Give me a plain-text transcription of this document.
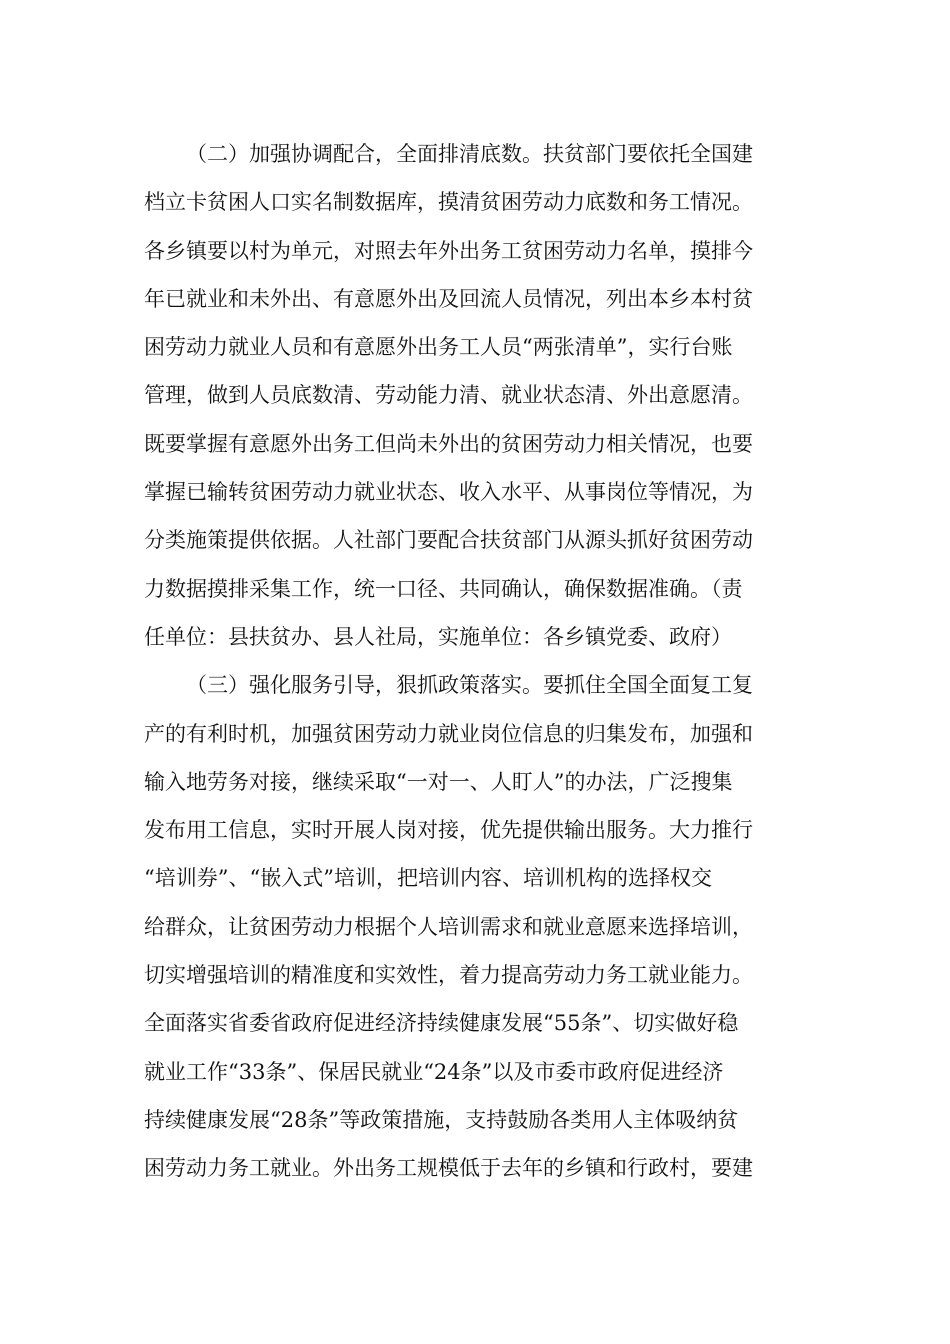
（二）加强协调配合，全面排清底数。扶贫部门要依托全国建
档立卡贫困人口实名制数据库，摸清贫困劳动力底数和务工情况。
各乡镇要以村为单元，对照去年外出务工贫困劳动力名单，摸排今
年已就业和未外出、有意愿外出及回流人员情况，列出本乡本村贫
困劳动力就业人员和有意愿外出务工人员“两张清单”，实行台账
管理，做到人员底数清、劳动能力清、就业状态清、外出意愿清。
既要掌握有意愿外出务工但尚未外出的贫困劳动力相关情况，也要
掌握已输转贫困劳动力就业状态、收入水平、从事岗位等情况，为
分类施策提供依据。人社部门要配合扶贫部门从源头抓好贫困劳动
力数据摸排采集工作，统一口径、共同确认，确保数据准确。（责
任单位：县扶贫办、县人社局，实施单位：各乡镇党委、政府）
（三）强化服务引导，狠抓政策落实。要抓住全国全面复工复
产的有利时机，加强贫困劳动力就业岗位信息的归集发布，加强和
输入地劳务对接，继续采取“一对一、人盯人”的办法，广泛搜集
发布用工信息，实时开展人岗对接，优先提供输出服务。大力推行
“培训券”、“嵌入式”培训，把培训内容、培训机构的选择权交
给群众，让贫困劳动力根据个人培训需求和就业意愿来选择培训，
切实增强培训的精准度和实效性，着力提高劳动力务工就业能力。
全面落实省委省政府促进经济持续健康发展“55条”、切实做好稳
就业工作“33条”、保居民就业“24条”以及市委市政府促进经济
持续健康发展“28条”等政策措施，支持鼓励各类用人主体吸纳贫
困劳动力务工就业。外出务工规模低于去年的乡镇和行政村，要建
